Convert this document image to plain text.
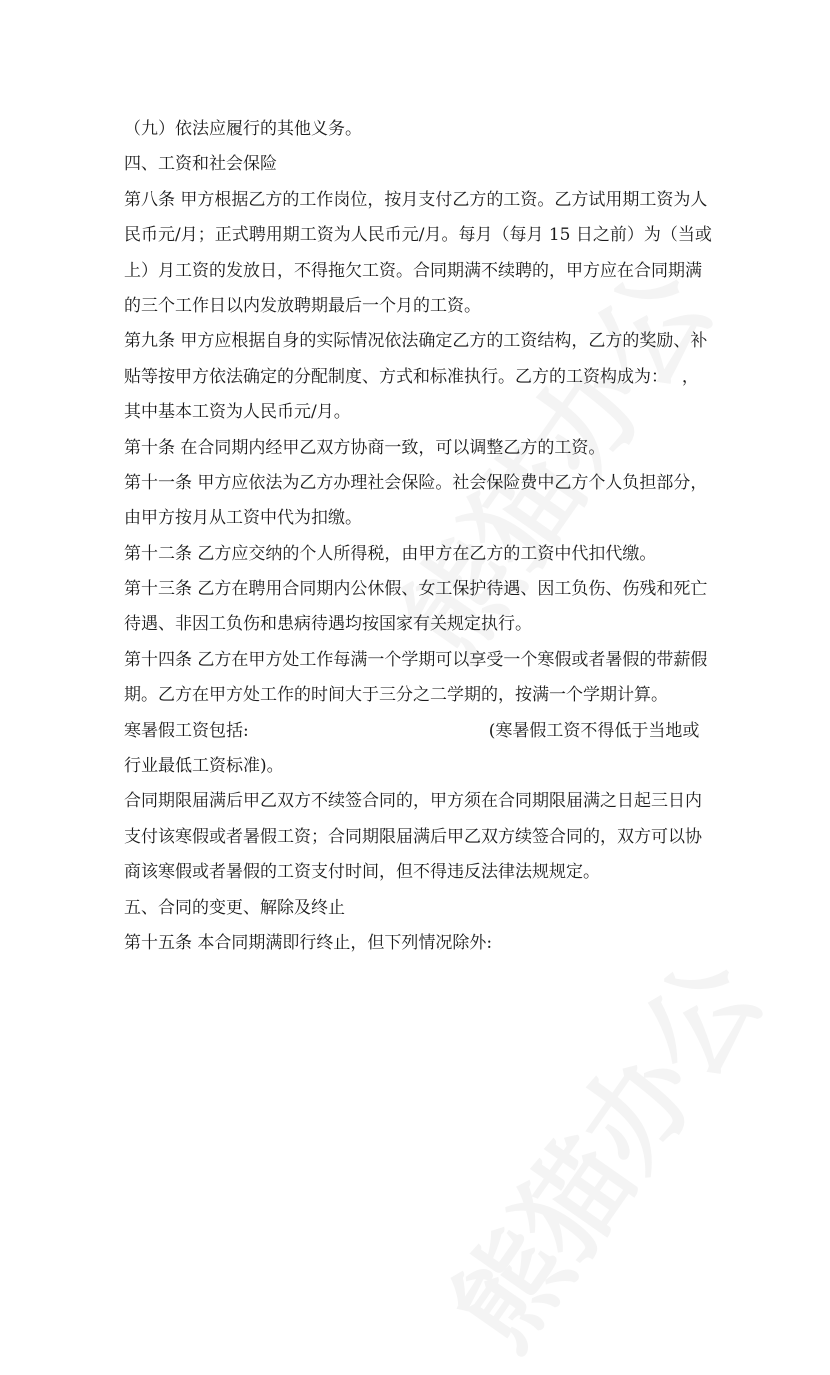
（九）依法应履行的其他义务。
四、工资和社会保险
第八条 甲方根据乙方的工作岗位，按月支付乙方的工资。乙方试用期工资为人
民币元/月；正式聘用期工资为人民币元/月。每月（每月 15 日之前）为（当或
上）月工资的发放日，不得拖欠工资。合同期满不续聘的，甲方应在合同期满
的三个工作日以内发放聘期最后一个月的工资。
第九条 甲方应根据自身的实际情况依法确定乙方的工资结构，乙方的奖励、补
贴等按甲方依法确定的分配制度、方式和标准执行。乙方的工资构成为：　 ，
其中基本工资为人民币元/月。
第十条 在合同期内经甲乙双方协商一致，可以调整乙方的工资。
第十一条 甲方应依法为乙方办理社会保险。社会保险费中乙方个人负担部分，
由甲方按月从工资中代为扣缴。
第十二条 乙方应交纳的个人所得税，由甲方在乙方的工资中代扣代缴。
第十三条 乙方在聘用合同期内公休假、女工保护待遇、因工负伤、伤残和死亡
待遇、非因工负伤和患病待遇均按国家有关规定执行。
第十四条 乙方在甲方处工作每满一个学期可以享受一个寒假或者暑假的带薪假
期。乙方在甲方处工作的时间大于三分之二学期的，按满一个学期计算。
寒暑假工资包括:	(寒暑假工资不得低于当地或
行业最低工资标准)。
合同期限届满后甲乙双方不续签合同的，甲方须在合同期限届满之日起三日内
支付该寒假或者暑假工资；合同期限届满后甲乙双方续签合同的，双方可以协
商该寒假或者暑假的工资支付时间，但不得违反法律法规规定。
五、合同的变更、解除及终止
第十五条 本合同期满即行终止，但下列情况除外:
